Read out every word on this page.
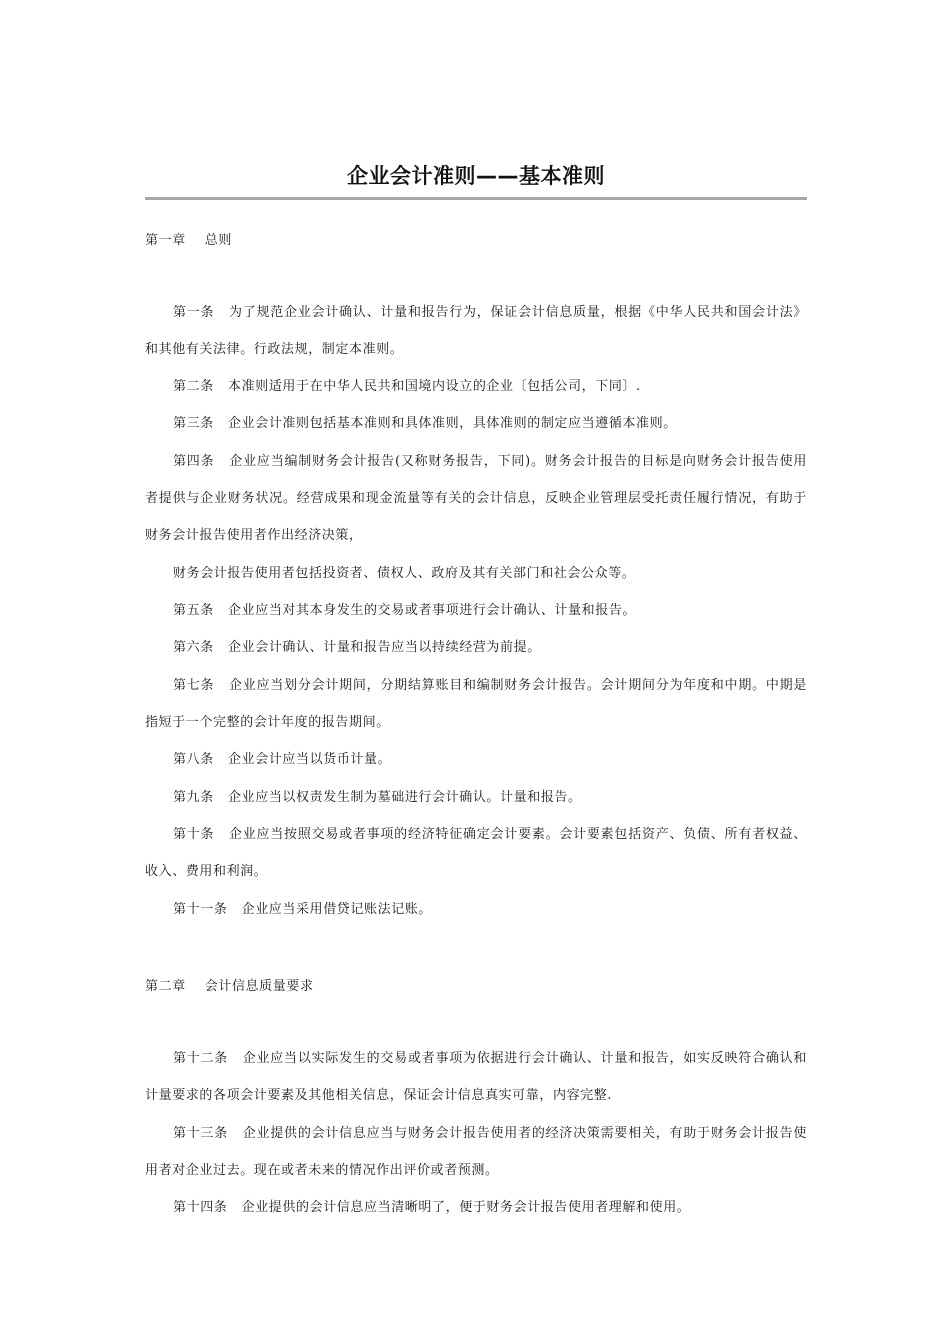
企业会计准则——基本准则
第一章 总则

第一条 为了规范企业会计确认、计量和报告行为，保证会计信息质量，根据《中华人民共和国会计法》和其他有关法律。行政法规，制定本准则。

第二条 本准则适用于在中华人民共和国境内设立的企业〔包括公司，下同〕.

第三条 企业会计准则包括基本准则和具体准则，具体准则的制定应当遵循本准则。

第四条 企业应当编制财务会计报告(又称财务报告，下同)。财务会计报告的目标是向财务会计报告使用者提供与企业财务状况。经营成果和现金流量等有关的会计信息，反映企业管理层受托责任履行情况，有助于财务会计报告使用者作出经济决策，

财务会计报告使用者包括投资者、债权人、政府及其有关部门和社会公众等。

第五条 企业应当对其本身发生的交易或者事项进行会计确认、计量和报告。

第六条 企业会计确认、计量和报告应当以持续经营为前提。

第七条 企业应当划分会计期间，分期结算账目和编制财务会计报告。会计期间分为年度和中期。中期是指短于一个完整的会计年度的报告期间。

第八条 企业会计应当以货币计量。

第九条 企业应当以权责发生制为墓础进行会计确认。计量和报告。

第十条 企业应当按照交易或者事项的经济特征确定会计要素。会计要素包括资产、负债、所有者权益、收入、费用和利润。

第十一条 企业应当采用借贷记账法记账。

第二章 会计信息质量要求

第十二条 企业应当以实际发生的交易或者事项为依据进行会计确认、计量和报告，如实反映符合确认和计量要求的各项会计要素及其他相关信息，保证会计信息真实可靠，内容完整.

第十三条 企业提供的会计信息应当与财务会计报告使用者的经济决策需要相关，有助于财务会计报告使用者对企业过去。现在或者未来的情况作出评价或者预测。

第十四条 企业提供的会计信息应当清晰明了，便于财务会计报告使用者理解和使用。
